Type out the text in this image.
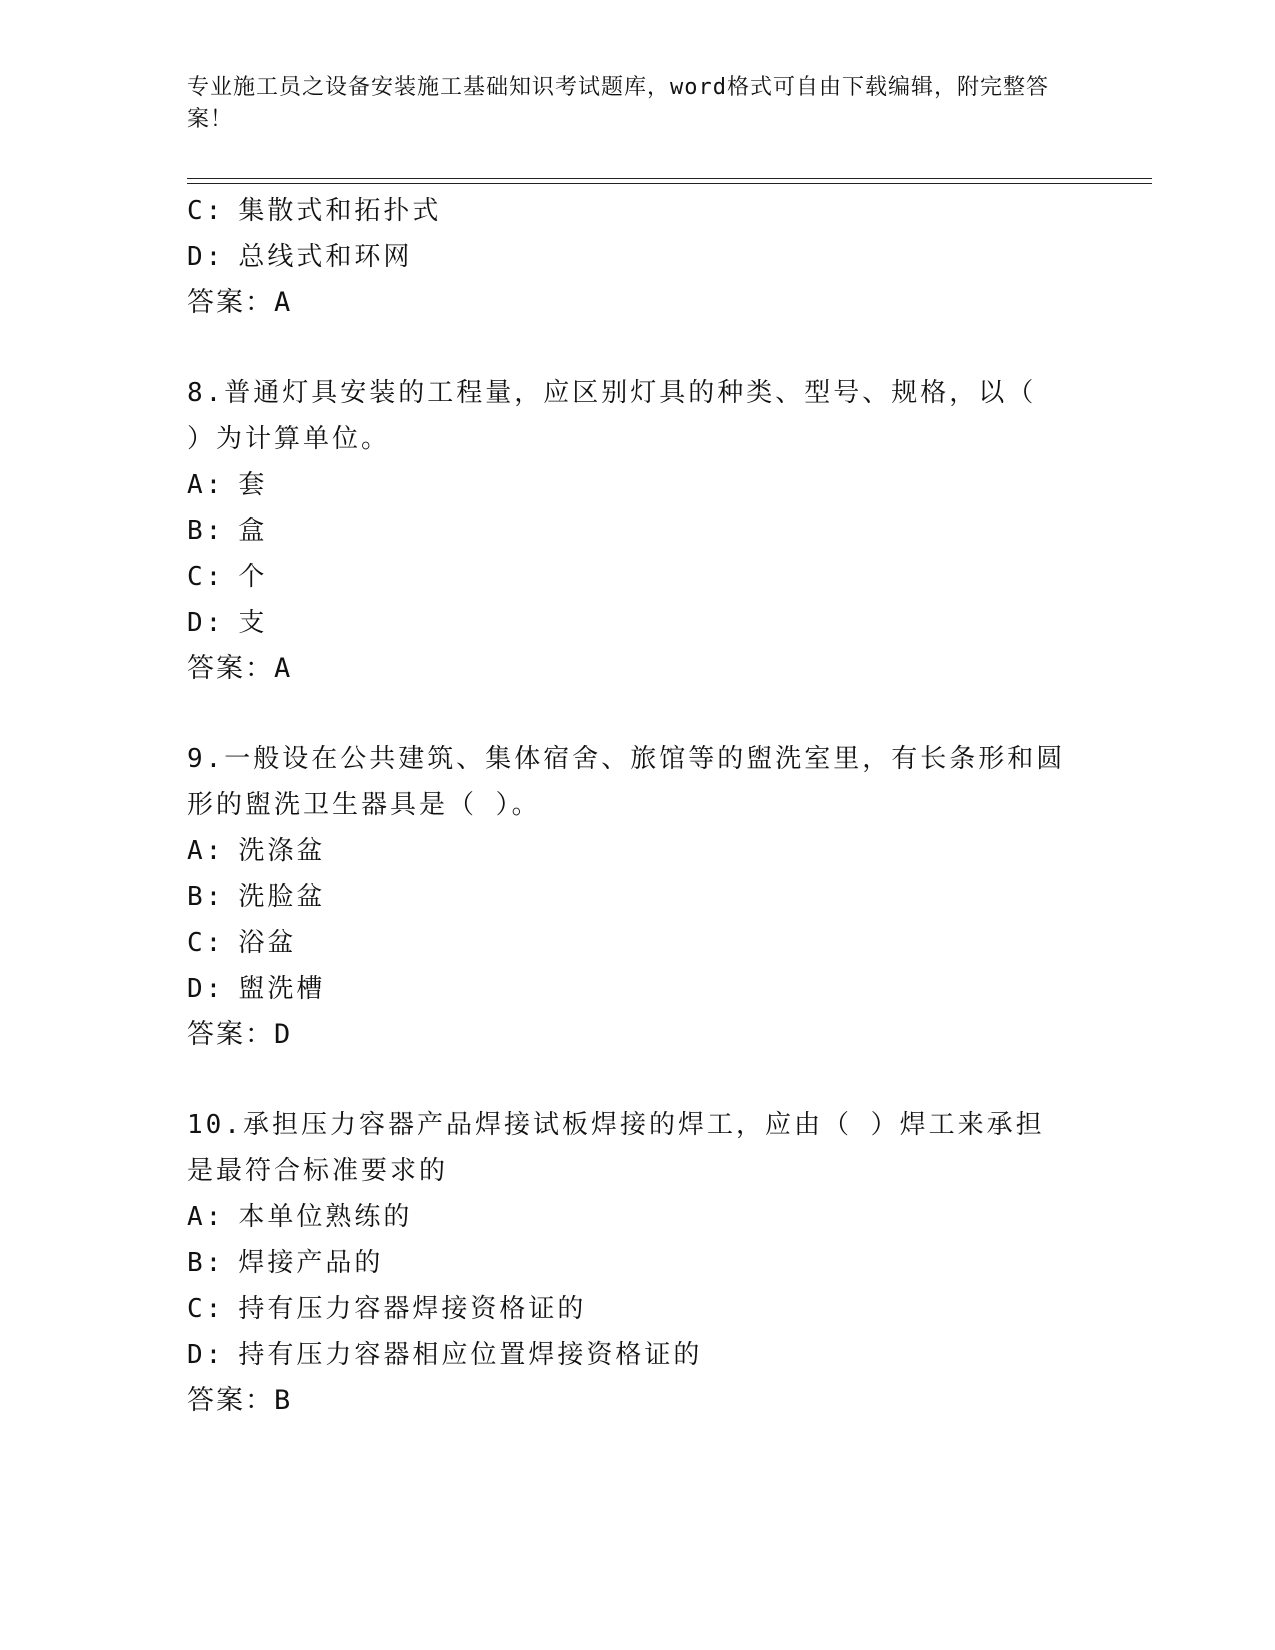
专业施工员之设备安装施工基础知识考试题库，word格式可自由下载编辑，附完整答案！
C: 集散式和拓扑式
D: 总线式和环网
答案：A
8.普通灯具安装的工程量，应区别灯具的种类、型号、规格，以（ ）为计算单位。
A: 套
B: 盒
C: 个
D: 支
答案：A
9.一般设在公共建筑、集体宿舍、旅馆等的盥洗室里，有长条形和圆形的盥洗卫生器具是（ ）。
A: 洗涤盆
B: 洗脸盆
C: 浴盆
D: 盥洗槽
答案：D
10.承担压力容器产品焊接试板焊接的焊工，应由（ ）焊工来承担是最符合标准要求的
A: 本单位熟练的
B: 焊接产品的
C: 持有压力容器焊接资格证的
D: 持有压力容器相应位置焊接资格证的
答案：B
